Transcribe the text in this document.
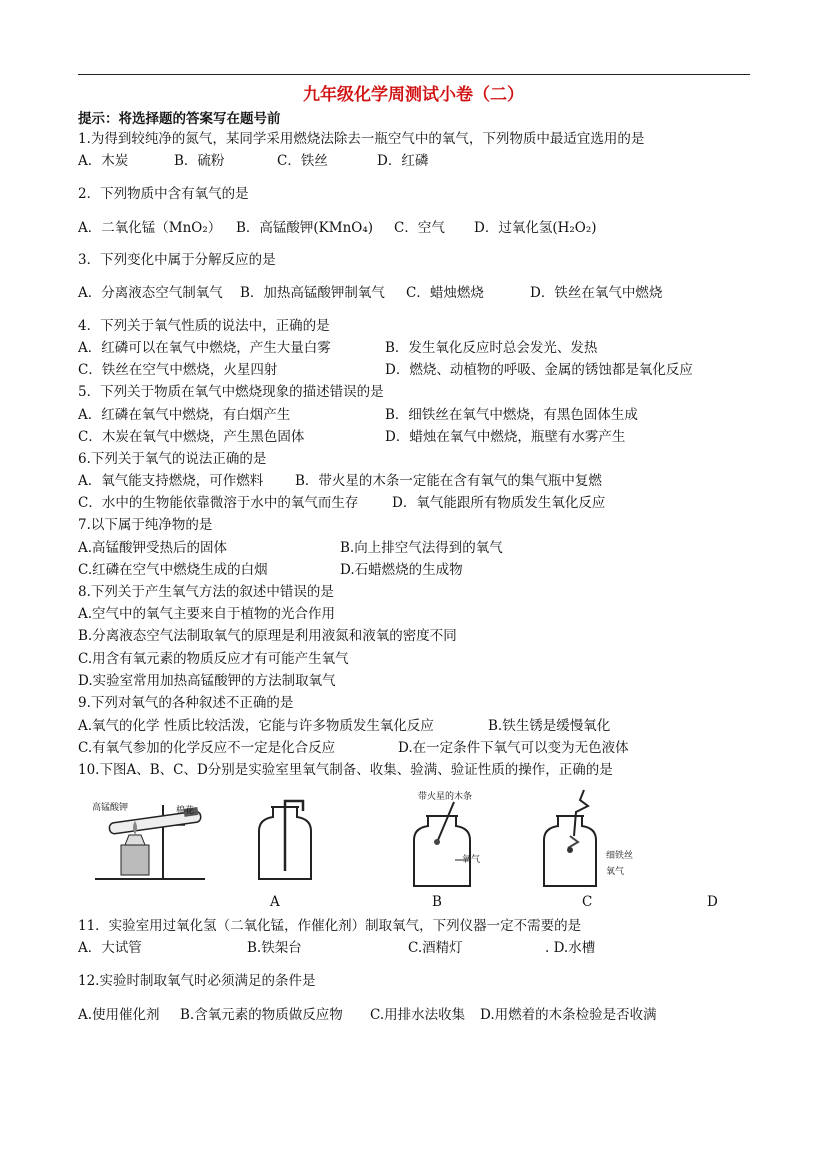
九年级化学周测试小卷（二）
提示：将选择题的答案写在题号前
1.为得到较纯净的氮气，某同学采用燃烧法除去一瓶空气中的氧气，下列物质中最适宜选用的是
A．木炭	B．硫粉	C．铁丝	D．红磷
2．下列物质中含有氧气的是
A．二氧化锰（MnO₂） B．高锰酸钾(KMnO₄) C．空气 D．过氧化氢(H₂O₂)
3．下列变化中属于分解反应的是
A．分离液态空气制氧气 B．加热高锰酸钾制氧气 C．蜡烛燃烧	D．铁丝在氧气中燃烧
4．下列关于氧气性质的说法中，正确的是
A．红磷可以在氧气中燃烧，产生大量白雾	B．发生氧化反应时总会发光、发热
C．铁丝在空气中燃烧，火星四射	D．燃烧、动植物的呼吸、金属的锈蚀都是氧化反应
5．下列关于物质在氧气中燃烧现象的描述错误的是
A．红磷在氧气中燃烧，有白烟产生	B．细铁丝在氧气中燃烧，有黑色固体生成
C．木炭在氧气中燃烧，产生黑色固体	D．蜡烛在氧气中燃烧，瓶壁有水雾产生
6.下列关于氧气的说法正确的是
A．氧气能支持燃烧，可作燃料 B．带火星的木条一定能在含有氧气的集气瓶中复燃
C．水中的生物能依靠微溶于水中的氧气而生存 D．氧气能跟所有物质发生氧化反应
7.以下属于纯净物的是
A.高锰酸钾受热后的固体	B.向上排空气法得到的氧气
C.红磷在空气中燃烧生成的白烟	D.石蜡燃烧的生成物
8.下列关于产生氧气方法的叙述中错误的是
A.空气中的氧气主要来自于植物的光合作用
B.分离液态空气法制取氧气的原理是利用液氮和液氧的密度不同
C.用含有氧元素的物质反应才有可能产生氧气
D.实验室常用加热高锰酸钾的方法制取氧气
9.下列对氧气的各种叙述不正确的是
A.氧气的化学 性质比较活泼，它能与许多物质发生氧化反应	B.铁生锈是缓慢氧化
C.有氧气参加的化学反应不一定是化合反应	D.在一定条件下氧气可以变为无色液体
10.下图A、B、C、D分别是实验室里氧气制备、收集、验满、验证性质的操作，正确的是
高锰酸钾	棉花
A
带火星的木条
氧气
B
细铁丝
氧气
C	D
11．实验室用过氧化氢（二氧化锰，作催化剂）制取氧气，下列仪器一定不需要的是
A．大试管	B.铁架台	C.酒精灯	. D.水槽
12.实验时制取氧气时必须满足的条件是
A.使用催化剂 B.含氧元素的物质做反应物 C.用排水法收集 D.用燃着的木条检验是否收满
